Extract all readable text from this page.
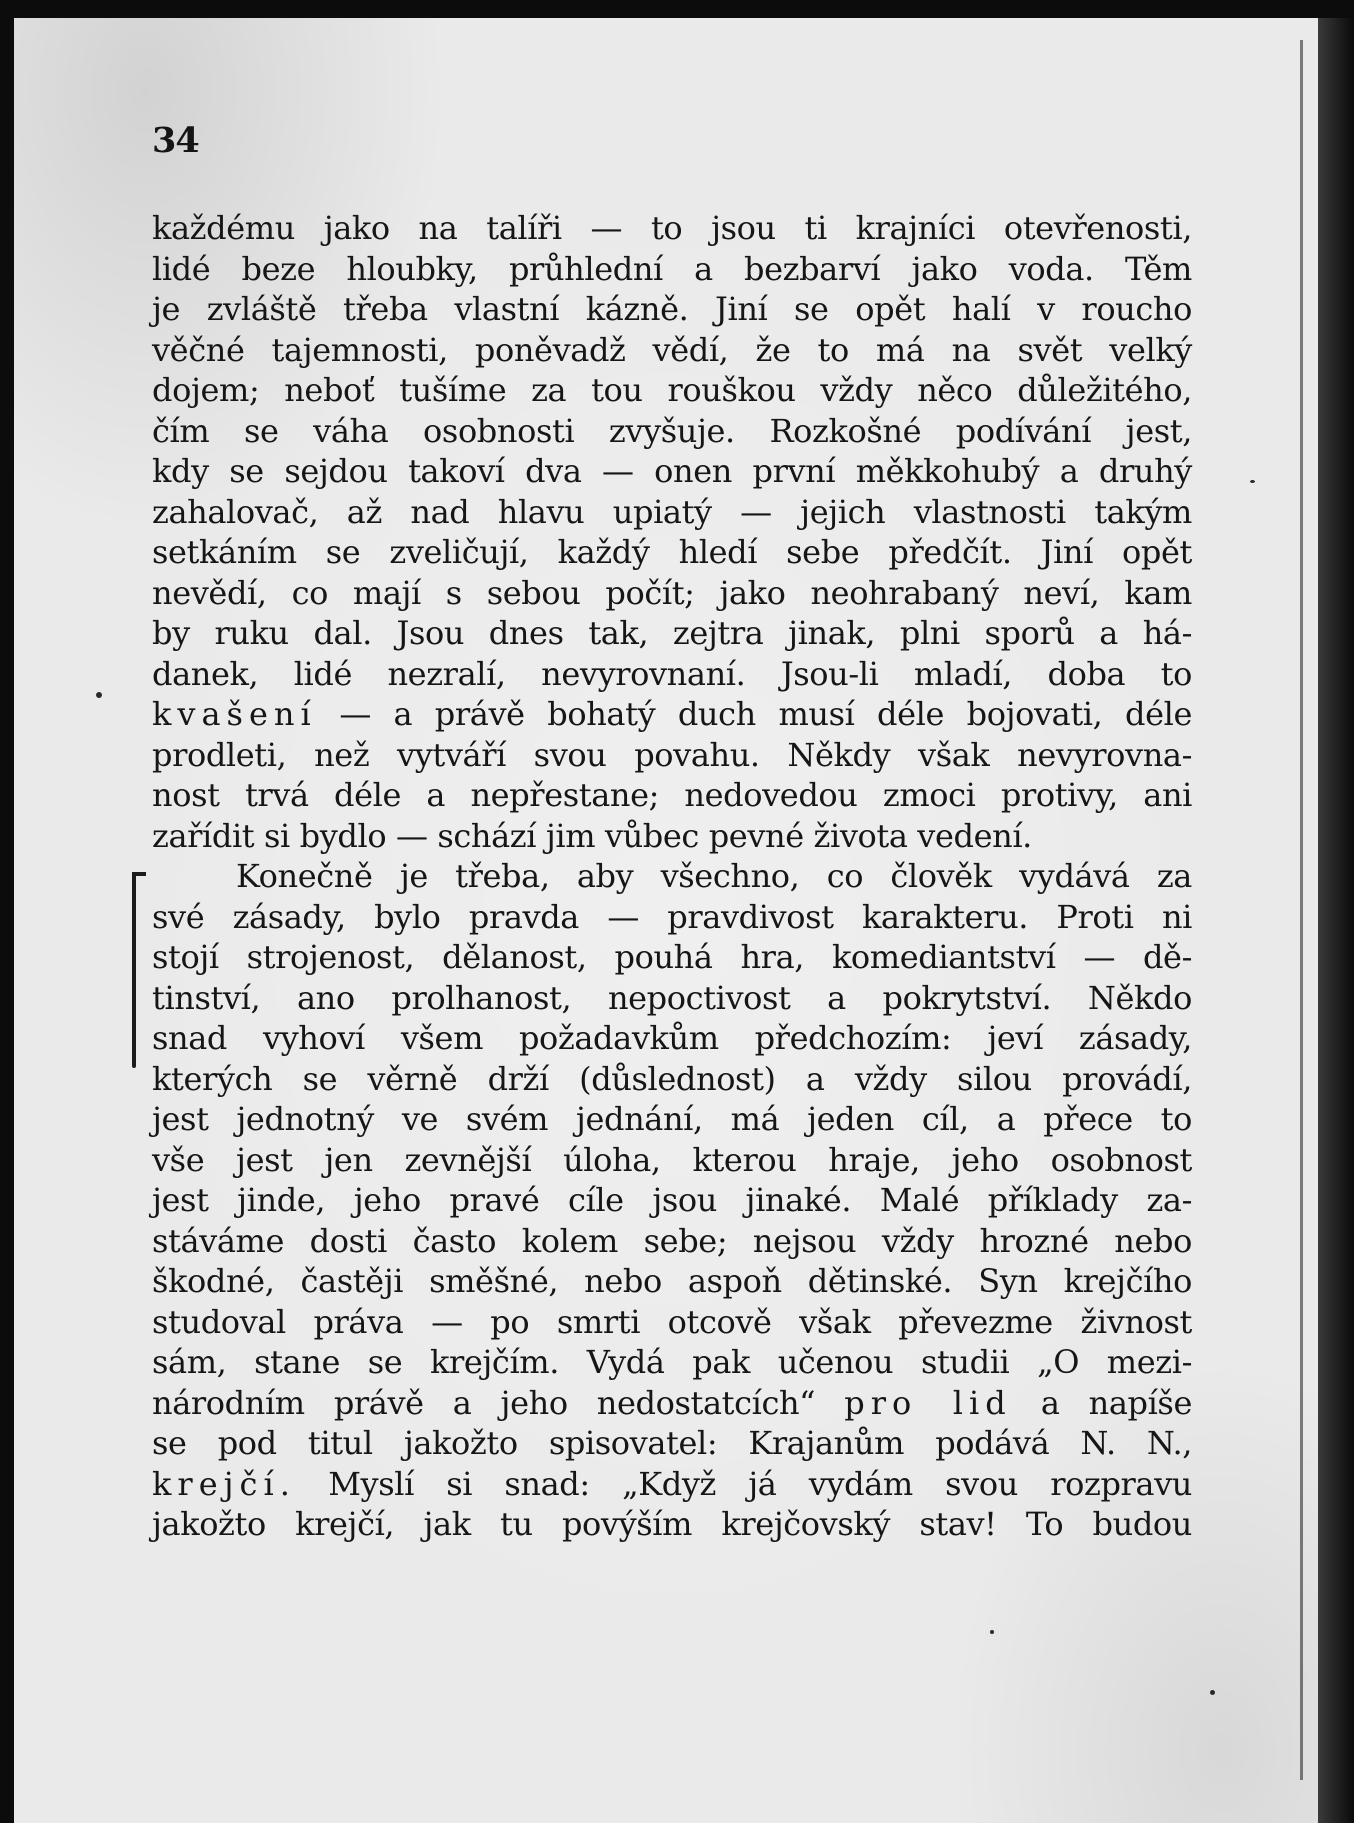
34
každému jako na talíři — to jsou ti krajníci otevřenosti,
lidé beze hloubky, průhlední a bezbarví jako voda. Těm
je zvláště třeba vlastní kázně. Jiní se opět halí v roucho
věčné tajemnosti, poněvadž vědí, že to má na svět velký
dojem; neboť tušíme za tou rouškou vždy něco důležitého,
čím se váha osobnosti zvyšuje. Rozkošné podívání jest,
kdy se sejdou takoví dva — onen první měkkohubý a druhý
zahalovač, až nad hlavu upiatý — jejich vlastnosti takým
setkáním se zveličují, každý hledí sebe předčít. Jiní opět
nevědí, co mají s sebou počít; jako neohrabaný neví, kam
by ruku dal. Jsou dnes tak, zejtra jinak, plni sporů a há-
danek, lidé nezralí, nevyrovnaní. Jsou-li mladí, doba to
kvašení — a právě bohatý duch musí déle bojovati, déle
prodleti, než vytváří svou povahu. Někdy však nevyrovna-
nost trvá déle a nepřestane; nedovedou zmoci protivy, ani
zařídit si bydlo — schází jim vůbec pevné života vedení.
Konečně je třeba, aby všechno, co člověk vydává za
své zásady, bylo pravda — pravdivost karakteru. Proti ni
stojí strojenost, dělanost, pouhá hra, komediantství — dě-
tinství, ano prolhanost, nepoctivost a pokrytství. Někdo
snad vyhoví všem požadavkům předchozím: jeví zásady,
kterých se věrně drží (důslednost) a vždy silou provádí,
jest jednotný ve svém jednání, má jeden cíl, a přece to
vše jest jen zevnější úloha, kterou hraje, jeho osobnost
jest jinde, jeho pravé cíle jsou jinaké. Malé příklady za-
stáváme dosti často kolem sebe; nejsou vždy hrozné nebo
škodné, častěji směšné, nebo aspoň dětinské. Syn krejčího
studoval práva — po smrti otcově však převezme živnost
sám, stane se krejčím. Vydá pak učenou studii „O mezi-
národním právě a jeho nedostatcích“ pro lid a napíše
se pod titul jakožto spisovatel: Krajanům podává N. N.,
krejčí. Myslí si snad: „Když já vydám svou rozpravu
jakožto krejčí, jak tu povýším krejčovský stav! To budou
